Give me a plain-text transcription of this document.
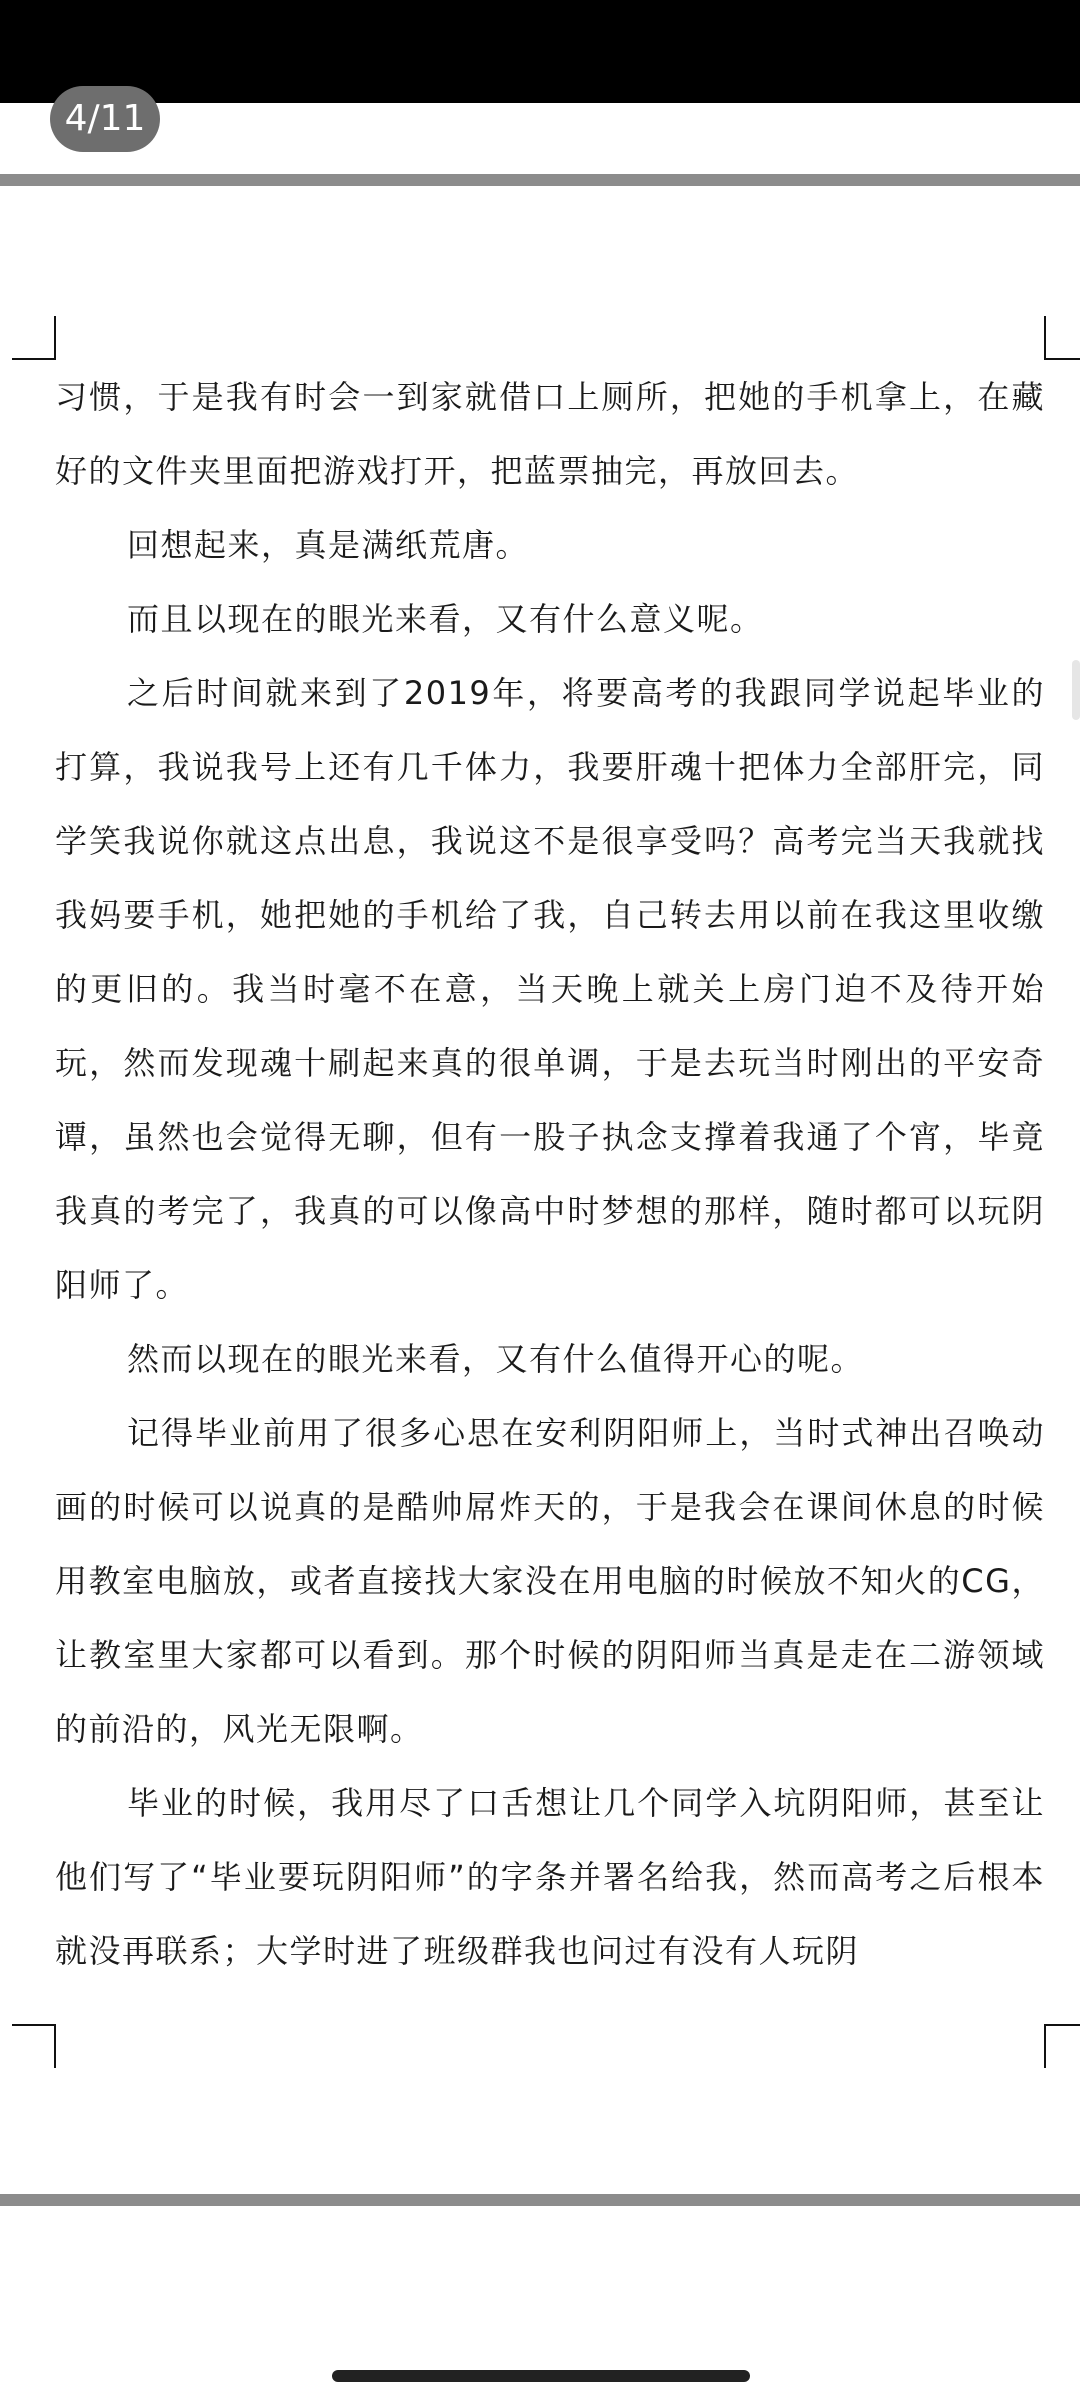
4/11

习惯，于是我有时会一到家就借口上厕所，把她的手机拿上，在藏好的文件夹里面把游戏打开，把蓝票抽完，再放回去。

回想起来，真是满纸荒唐。

而且以现在的眼光来看，又有什么意义呢。

之后时间就来到了2019年，将要高考的我跟同学说起毕业的打算，我说我号上还有几千体力，我要肝魂十把体力全部肝完，同学笑我说你就这点出息，我说这不是很享受吗？高考完当天我就找我妈要手机，她把她的手机给了我，自己转去用以前在我这里收缴的更旧的。我当时毫不在意，当天晚上就关上房门迫不及待开始玩，然而发现魂十刷起来真的很单调，于是去玩当时刚出的平安奇谭，虽然也会觉得无聊，但有一股子执念支撑着我通了个宵，毕竟我真的考完了，我真的可以像高中时梦想的那样，随时都可以玩阴阳师了。

然而以现在的眼光来看，又有什么值得开心的呢。

记得毕业前用了很多心思在安利阴阳师上，当时式神出召唤动画的时候可以说真的是酷帅屌炸天的，于是我会在课间休息的时候用教室电脑放，或者直接找大家没在用电脑的时候放不知火的CG，让教室里大家都可以看到。那个时候的阴阳师当真是走在二游领域的前沿的，风光无限啊。

毕业的时候，我用尽了口舌想让几个同学入坑阴阳师，甚至让他们写了“毕业要玩阴阳师”的字条并署名给我，然而高考之后根本就没再联系；大学时进了班级群我也问过有没有人玩阴
